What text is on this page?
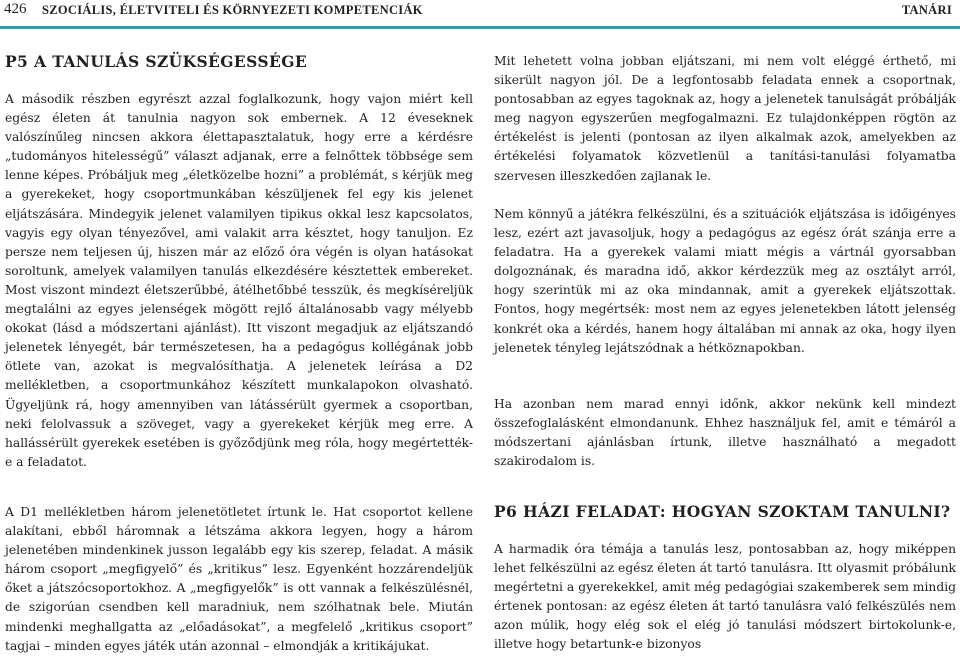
426 SZOCIÁLIS, ÉLETVITELI ÉS KÖRNYEZETI KOMPETENCIÁK	TANÁRI
P5 A TANULÁS SZÜKSÉGESSÉGE

A második részben egyrészt azzal foglalkozunk, hogy vajon miért kell egész életen át tanulnia nagyon sok embernek. A 12 éveseknek valószínűleg nincsen akkora élettapasztalatuk, hogy erre a kérdésre „tudományos hitelességű” választ adjanak, erre a felnőttek többsége sem lenne képes. Próbáljuk meg „életközelbe hozni” a problémát, s kérjük meg a gyerekeket, hogy csoportmunkában készüljenek fel egy kis jelenet eljátszására. Mindegyik jelenet valamilyen tipikus okkal lesz kapcsolatos, vagyis egy olyan tényezővel, ami valakit arra késztet, hogy tanuljon. Ez persze nem teljesen új, hiszen már az előző óra végén is olyan hatásokat soroltunk, amelyek valamilyen tanulás elkezdésére késztettek embereket. Most viszont mindezt életszerűbbé, átélhetőbbé tesszük, és megkíséreljük megtalálni az egyes jelenségek mögött rejlő általánosabb vagy mélyebb okokat (lásd a módszertani ajánlást). Itt viszont megadjuk az eljátszandó jelenetek lényegét, bár természetesen, ha a pedagógus kollégának jobb ötlete van, azokat is megvalósíthatja. A jelenetek leírása a D2 mellékletben, a csoportmunkához készített munkalapokon olvasható. Ügyeljünk rá, hogy amennyiben van látássérült gyermek a csoportban, neki felolvassuk a szöveget, vagy a gyerekeket kérjük meg erre. A hallássérült gyerekek esetében is győződjünk meg róla, hogy megértették-e a feladatot.

A D1 mellékletben három jelenetötletet írtunk le. Hat csoportot kellene alakítani, ebből háromnak a létszáma akkora legyen, hogy a három jelenetében mindenkinek jusson legalább egy kis szerep, feladat. A másik három csoport „megfigyelő” és „kritikus” lesz. Egyenként hozzárendeljük őket a játszócsoportokhoz. A „megfigyelők” is ott vannak a felkészülésnél, de szigorúan csendben kell maradniuk, nem szólhatnak bele. Miután mindenki meghallgatta az „előadásokat”, a megfelelő „kritikus csoport” tagjai – minden egyes játék után azonnal – elmondják a kritikájukat.

Mit lehetett volna jobban eljátszani, mi nem volt eléggé érthető, mi sikerült nagyon jól. De a legfontosabb feladata ennek a csoportnak, pontosabban az egyes tagoknak az, hogy a jelenetek tanulságát próbálják meg nagyon egyszerűen megfogalmazni. Ez tulajdonképpen rögtön az értékelést is jelenti (pontosan az ilyen alkalmak azok, amelyekben az értékelési folyamatok közvetlenül a tanítási-tanulási folyamatba szervesen illeszkedően zajlanak le.

Nem könnyű a játékra felkészülni, és a szituációk eljátszása is időigényes lesz, ezért azt javasoljuk, hogy a pedagógus az egész órát szánja erre a feladatra. Ha a gyerekek valami miatt mégis a vártnál gyorsabban dolgoznának, és maradna idő, akkor kérdezzük meg az osztályt arról, hogy szerintük mi az oka mindannak, amit a gyerekek eljátszottak. Fontos, hogy megértsék: most nem az egyes jelenetekben látott jelenség konkrét oka a kérdés, hanem hogy általában mi annak az oka, hogy ilyen jelenetek tényleg lejátszódnak a hétköznapokban.

Ha azonban nem marad ennyi időnk, akkor nekünk kell mindezt összefoglalásként elmondanunk. Ehhez használjuk fel, amit e témáról a módszertani ajánlásban írtunk, illetve használható a megadott szakirodalom is.

P6 HÁZI FELADAT: HOGYAN SZOKTAM TANULNI?

A harmadik óra témája a tanulás lesz, pontosabban az, hogy miképpen lehet felkészülni az egész életen át tartó tanulásra. Itt olyasmit próbálunk megértetni a gyerekekkel, amit még pedagógiai szakemberek sem mindig értenek pontosan: az egész életen át tartó tanulásra való felkészülés nem azon múlik, hogy elég sok el elég jó tanulási módszert birtokolunk-e, illetve hogy betartunk-e bizonyos
